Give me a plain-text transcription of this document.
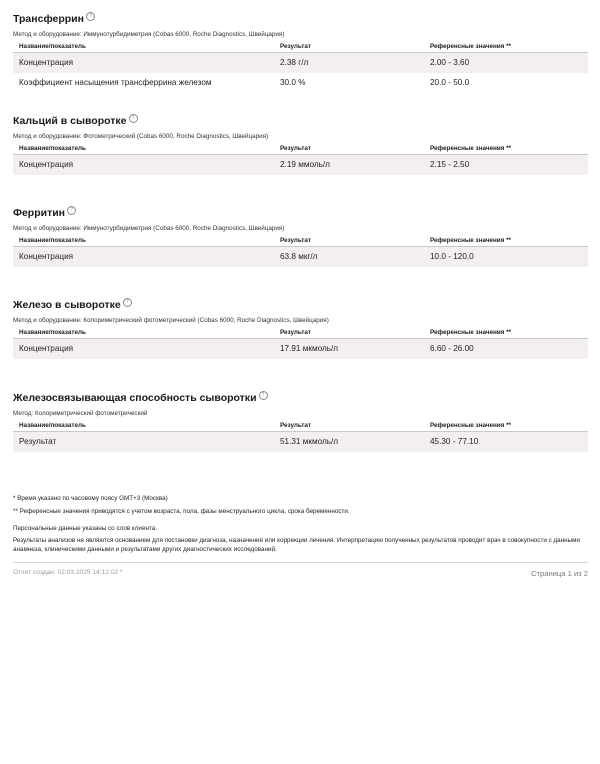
Трансферрин	?
Метод и оборудование: Иммунотурбидиметрия (Cobas 6000, Roche Diagnostics, Швейцария)
Название/показатель	Результат	Референсные значения **
Концентрация	2.38 г/л	2.00 - 3.60
Коэффициент насыщения трансферрина железом	30.0 %	20.0 - 50.0
Кальций в сыворотке	?
Метод и оборудование: Фотометрический (Cobas 6000, Roche Diagnostics, Швейцария)
Название/показатель	Результат	Референсные значения **
Концентрация	2.19 ммоль/л	2.15 - 2.50
Ферритин	?
Метод и оборудование: Иммунотурбидиметрия (Cobas 6000, Roche Diagnostics, Швейцария)
Название/показатель	Результат	Референсные значения **
Концентрация	63.8 мкг/л	10.0 - 120.0
Железо в сыворотке	?
Метод и оборудование: Колориметрический фотометрический (Cobas 6000, Roche Diagnostics, Швейцария)
Название/показатель	Результат	Референсные значения **
Концентрация	17.91 мкмоль/л	6.60 - 26.00
Железосвязывающая способность сыворотки	?
Метод: Колориметрический фотометрический
Название/показатель	Результат	Референсные значения **
Результат	51.31 мкмоль/л	45.30 - 77.10
* Время указано по часовому поясу GMT+3 (Москва)
** Референсные значения приводятся с учетом возраста, пола, фазы менструального цикла, срока беременности.
Персональные данные указаны со слов клиента.
Результаты анализов не являются основанием для постановки диагноза, назначения или коррекции лечения. Интерпретацию полученных результатов проводит врач в совокупности с данными анамнеза, клиническими данными и результатами других диагностических исследований.
Отчет создан: 02.03.2025 14:12:02 *	Страница 1 из 2
